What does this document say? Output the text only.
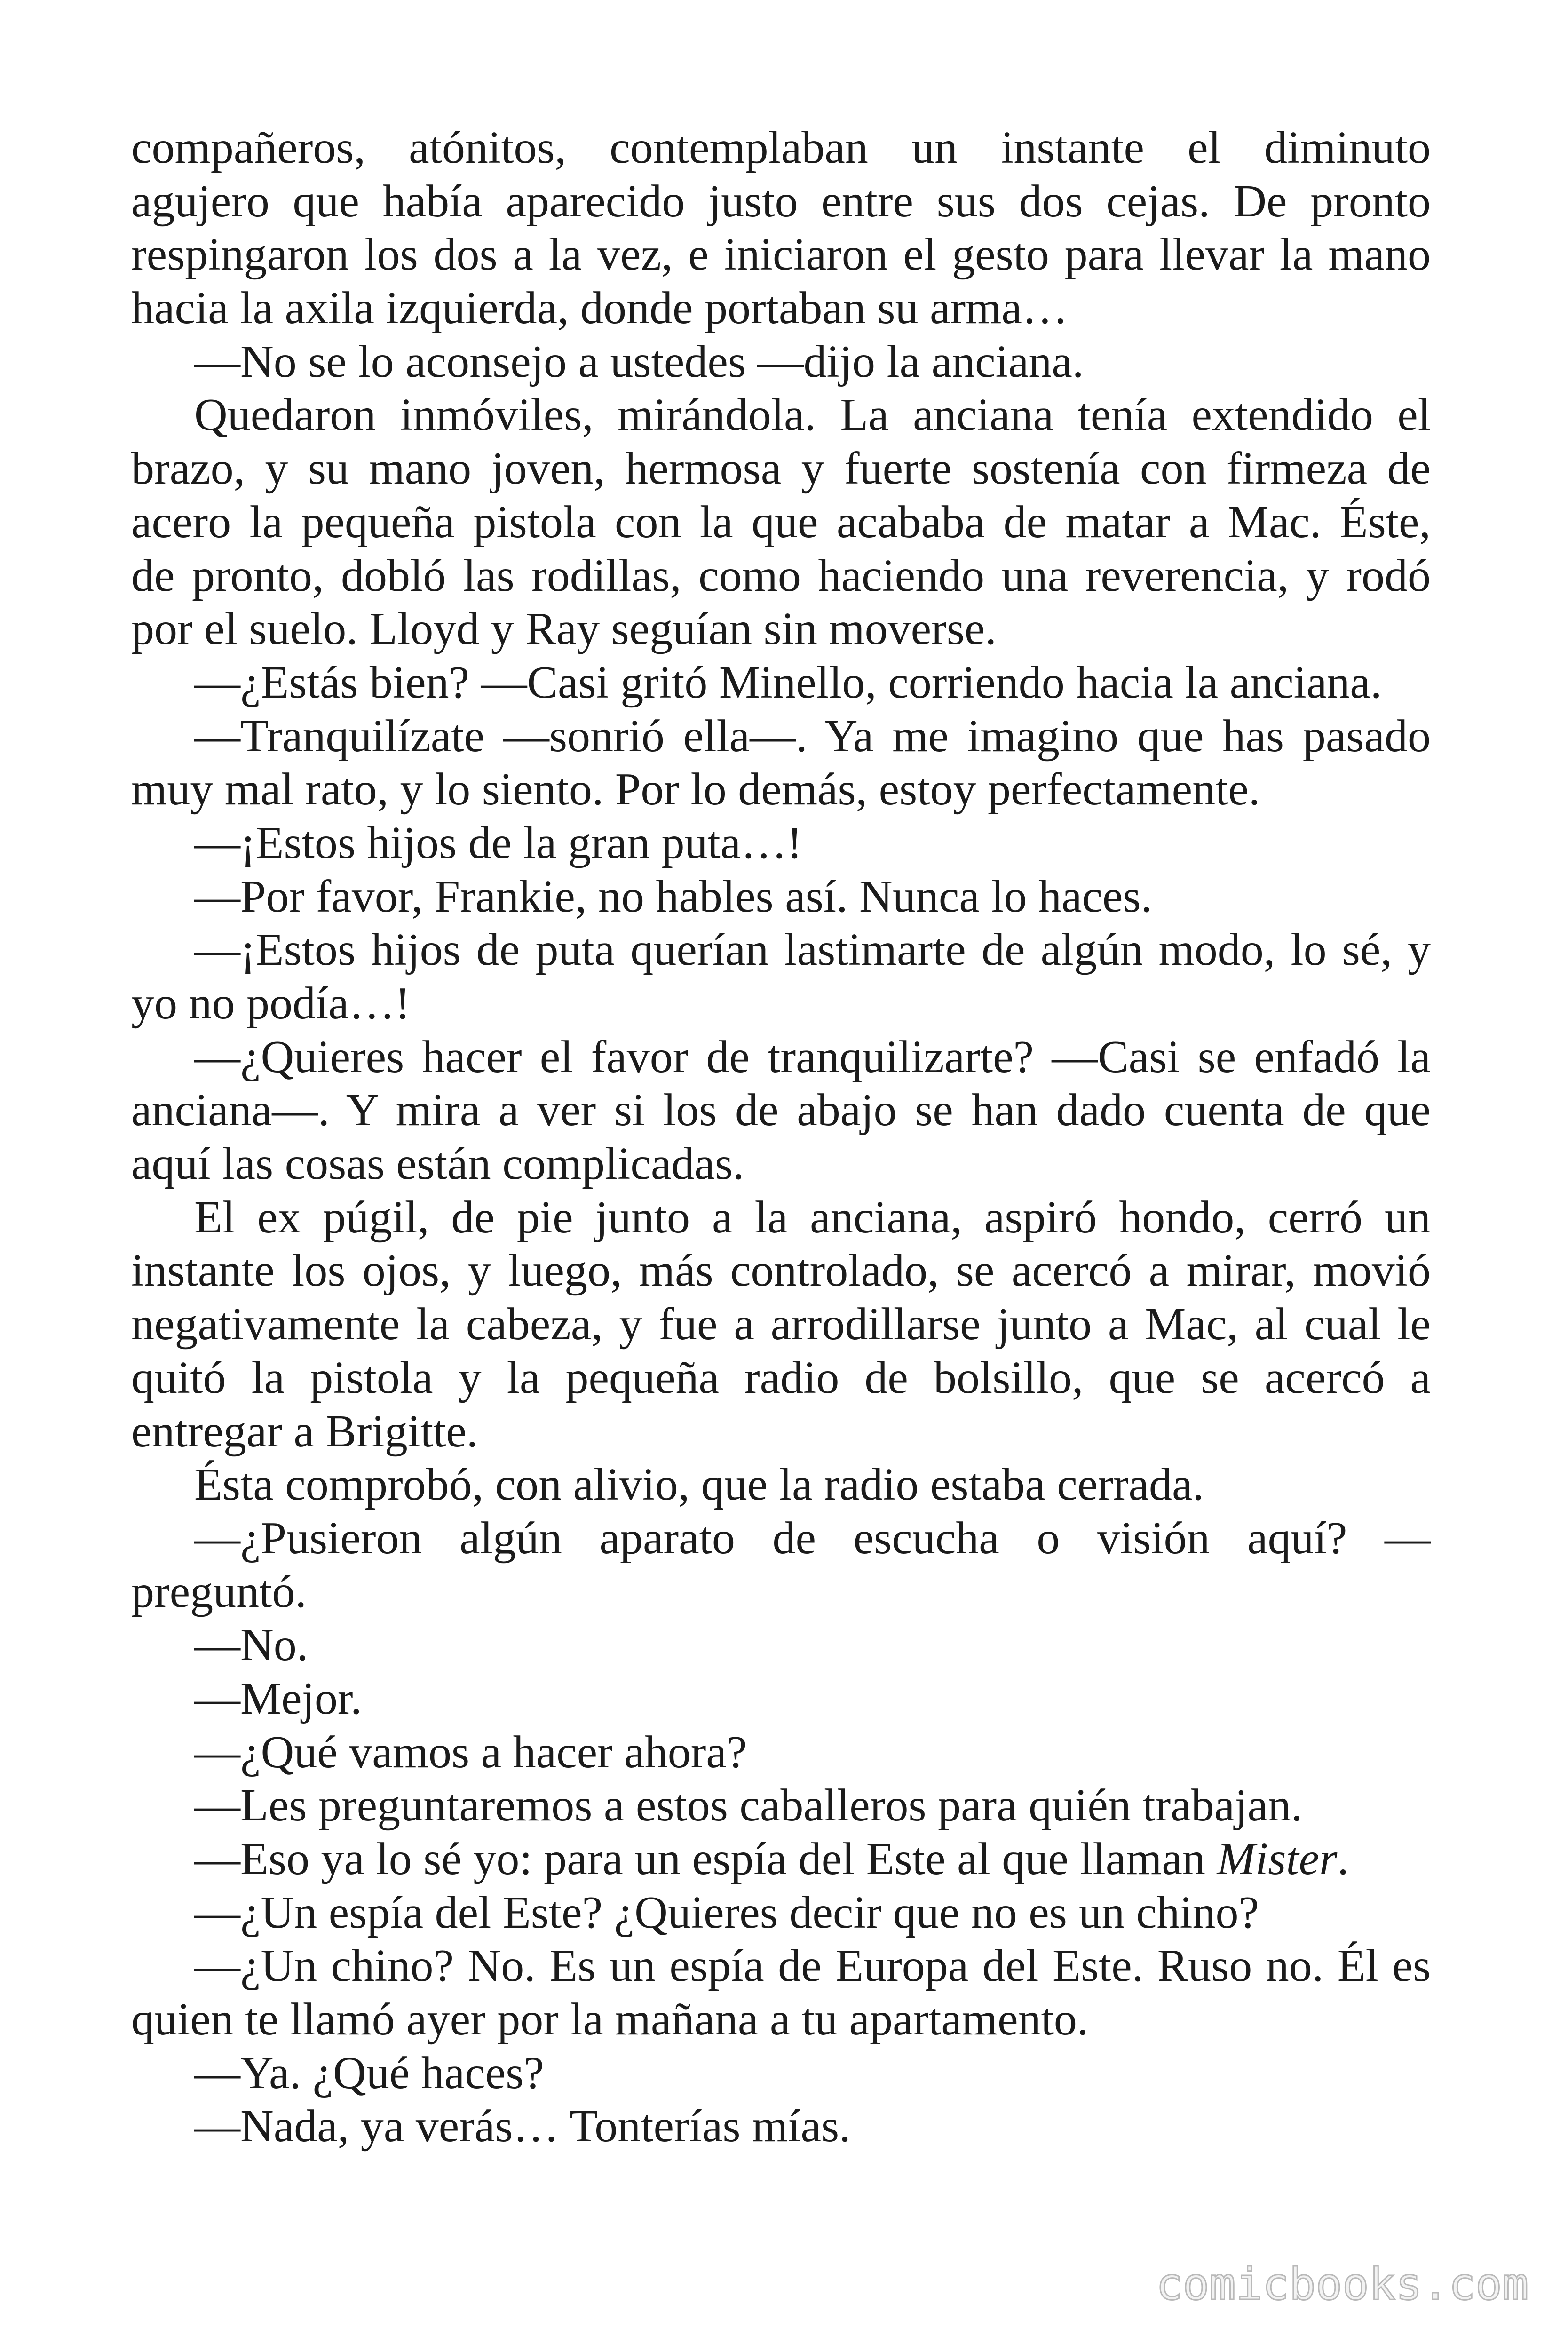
compañeros, atónitos, contemplaban un instante el diminuto
agujero que había aparecido justo entre sus dos cejas. De pronto
respingaron los dos a la vez, e iniciaron el gesto para llevar la mano
hacia la axila izquierda, donde portaban su arma…
—No se lo aconsejo a ustedes —dijo la anciana.
Quedaron inmóviles, mirándola. La anciana tenía extendido el
brazo, y su mano joven, hermosa y fuerte sostenía con firmeza de
acero la pequeña pistola con la que acababa de matar a Mac. Éste,
de pronto, dobló las rodillas, como haciendo una reverencia, y rodó
por el suelo. Lloyd y Ray seguían sin moverse.
—¿Estás bien? —Casi gritó Minello, corriendo hacia la anciana.
—Tranquilízate —sonrió ella—. Ya me imagino que has pasado
muy mal rato, y lo siento. Por lo demás, estoy perfectamente.
—¡Estos hijos de la gran puta…!
—Por favor, Frankie, no hables así. Nunca lo haces.
—¡Estos hijos de puta querían lastimarte de algún modo, lo sé, y
yo no podía…!
—¿Quieres hacer el favor de tranquilizarte? —Casi se enfadó la
anciana—. Y mira a ver si los de abajo se han dado cuenta de que
aquí las cosas están complicadas.
El ex púgil, de pie junto a la anciana, aspiró hondo, cerró un
instante los ojos, y luego, más controlado, se acercó a mirar, movió
negativamente la cabeza, y fue a arrodillarse junto a Mac, al cual le
quitó la pistola y la pequeña radio de bolsillo, que se acercó a
entregar a Brigitte.
Ésta comprobó, con alivio, que la radio estaba cerrada.
—¿Pusieron algún aparato de escucha o visión aquí? —
preguntó.
—No.
—Mejor.
—¿Qué vamos a hacer ahora?
—Les preguntaremos a estos caballeros para quién trabajan.
—Eso ya lo sé yo: para un espía del Este al que llaman Mister.
—¿Un espía del Este? ¿Quieres decir que no es un chino?
—¿Un chino? No. Es un espía de Europa del Este. Ruso no. Él es
quien te llamó ayer por la mañana a tu apartamento.
—Ya. ¿Qué haces?
—Nada, ya verás… Tonterías mías.
comicbooks.com
